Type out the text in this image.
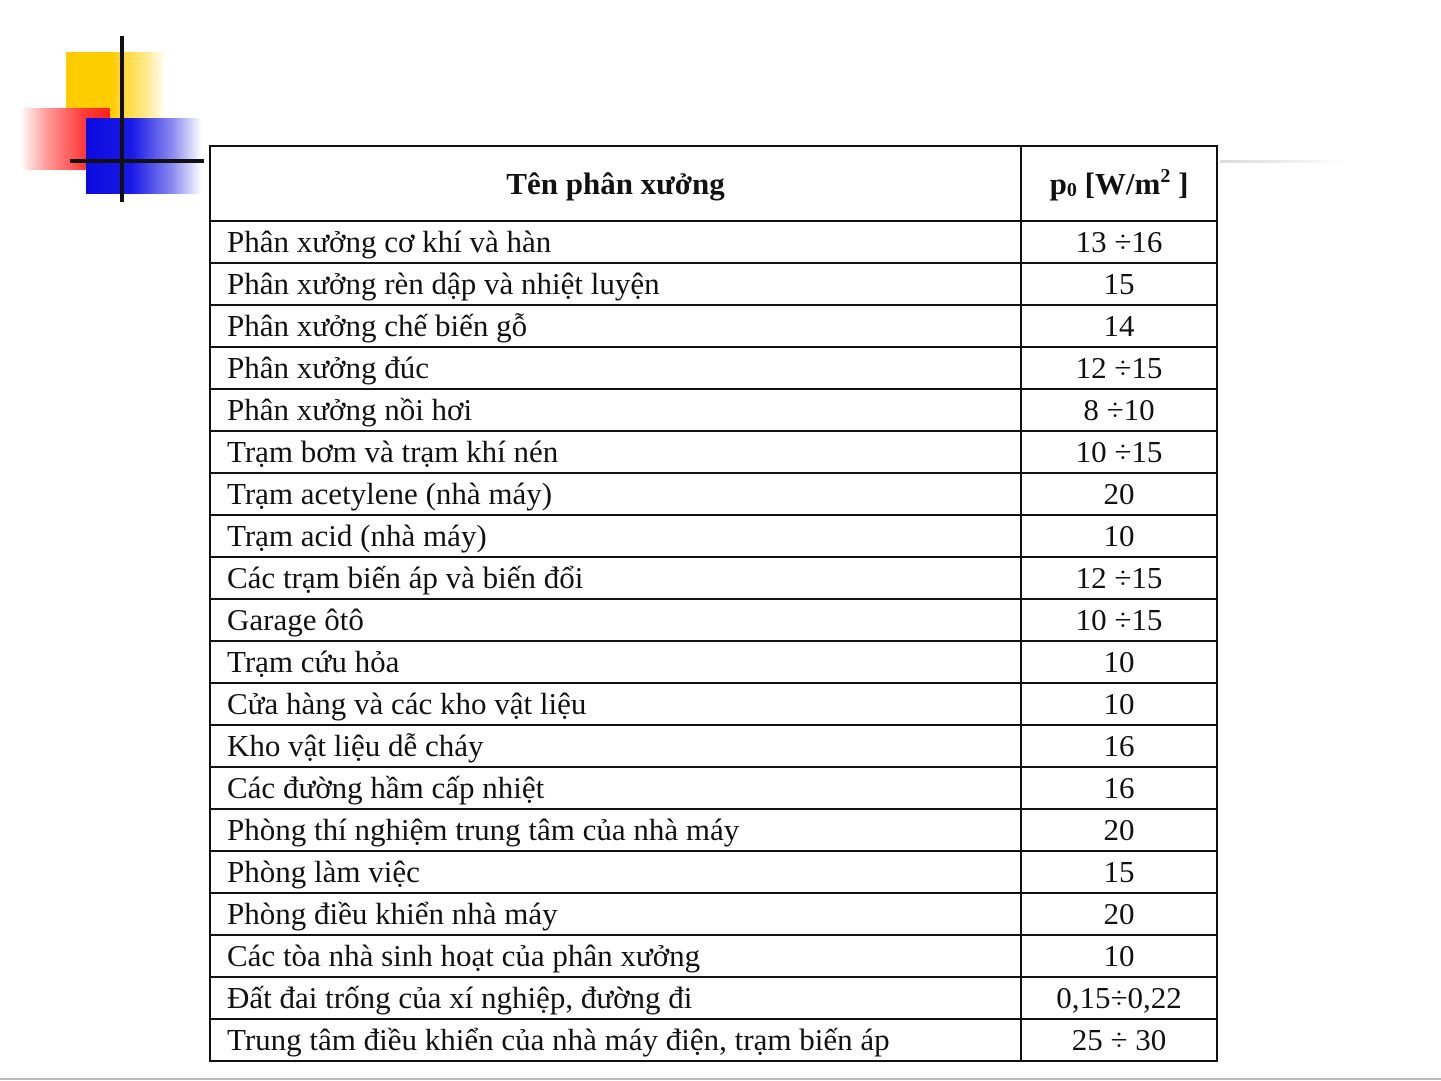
Tên phân xưởng	$p_0$ [$W/m^2$ ]
Phân xưởng cơ khí và hàn	13 ÷16
Phân xưởng rèn dập và nhiệt luyện	15
Phân xưởng chế biến gỗ	14
Phân xưởng đúc	12 ÷15
Phân xưởng nồi hơi	8 ÷10
Trạm bơm và trạm khí nén	10 ÷15
Trạm acetylene (nhà máy)	20
Trạm acid (nhà máy)	10
Các trạm biến áp và biến đổi	12 ÷15
Garage ôtô	10 ÷15
Trạm cứu hỏa	10
Cửa hàng và các kho vật liệu	10
Kho vật liệu dễ cháy	16
Các đường hầm cấp nhiệt	16
Phòng thí nghiệm trung tâm của nhà máy	20
Phòng làm việc	15
Phòng điều khiển nhà máy	20
Các tòa nhà sinh hoạt của phân xưởng	10
Đất đai trống của xí nghiệp, đường đi	0,15÷0,22
Trung tâm điều khiển của nhà máy điện, trạm biến áp	25 ÷ 30
